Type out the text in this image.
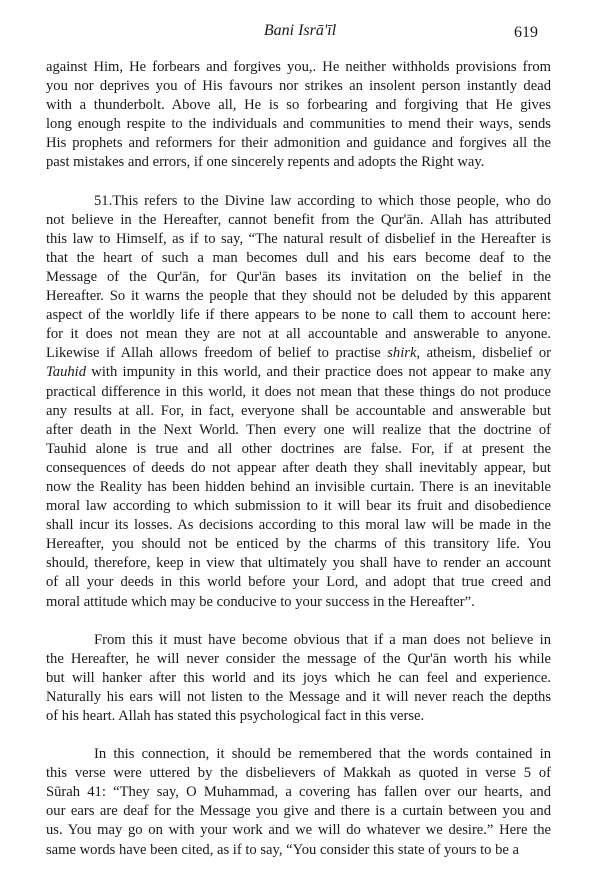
Bani Isrā'īl	619

against Him, He forbears and forgives you,. He neither withholds provisions from
you nor deprives you of His favours nor strikes an insolent person instantly dead
with a thunderbolt. Above all, He is so forbearing and forgiving that He gives
long enough respite to the individuals and communities to mend their ways, sends
His prophets and reformers for their admonition and guidance and forgives all the
past mistakes and errors, if one sincerely repents and adopts the Right way.

51.This refers to the Divine law according to which those people, who do
not believe in the Hereafter, cannot benefit from the Qur'ān. Allah has attributed
this law to Himself, as if to say, “The natural result of disbelief in the Hereafter is
that the heart of such a man becomes dull and his ears become deaf to the
Message of the Qur'ān, for Qur'ān bases its invitation on the belief in the
Hereafter. So it warns the people that they should not be deluded by this apparent
aspect of the worldly life if there appears to be none to call them to account here:
for it does not mean they are not at all accountable and answerable to anyone.
Likewise if Allah allows freedom of belief to practise shirk, atheism, disbelief or
Tauhid with impunity in this world, and their practice does not appear to make any
practical difference in this world, it does not mean that these things do not produce
any results at all. For, in fact, everyone shall be accountable and answerable but
after death in the Next World. Then every one will realize that the doctrine of
Tauhid alone is true and all other doctrines are false. For, if at present the
consequences of deeds do not appear after death they shall inevitably appear, but
now the Reality has been hidden behind an invisible curtain. There is an inevitable
moral law according to which submission to it will bear its fruit and disobedience
shall incur its losses. As decisions according to this moral law will be made in the
Hereafter, you should not be enticed by the charms of this transitory life. You
should, therefore, keep in view that ultimately you shall have to render an account
of all your deeds in this world before your Lord, and adopt that true creed and
moral attitude which may be conducive to your success in the Hereafter”.

From this it must have become obvious that if a man does not believe in
the Hereafter, he will never consider the message of the Qur'ān worth his while
but will hanker after this world and its joys which he can feel and experience.
Naturally his ears will not listen to the Message and it will never reach the depths
of his heart. Allah has stated this psychological fact in this verse.

In this connection, it should be remembered that the words contained in
this verse were uttered by the disbelievers of Makkah as quoted in verse 5 of
Sūrah 41: “They say, O Muhammad, a covering has fallen over our hearts, and
our ears are deaf for the Message you give and there is a curtain between you and
us. You may go on with your work and we will do whatever we desire.” Here the
same words have been cited, as if to say, “You consider this state of yours to be a
